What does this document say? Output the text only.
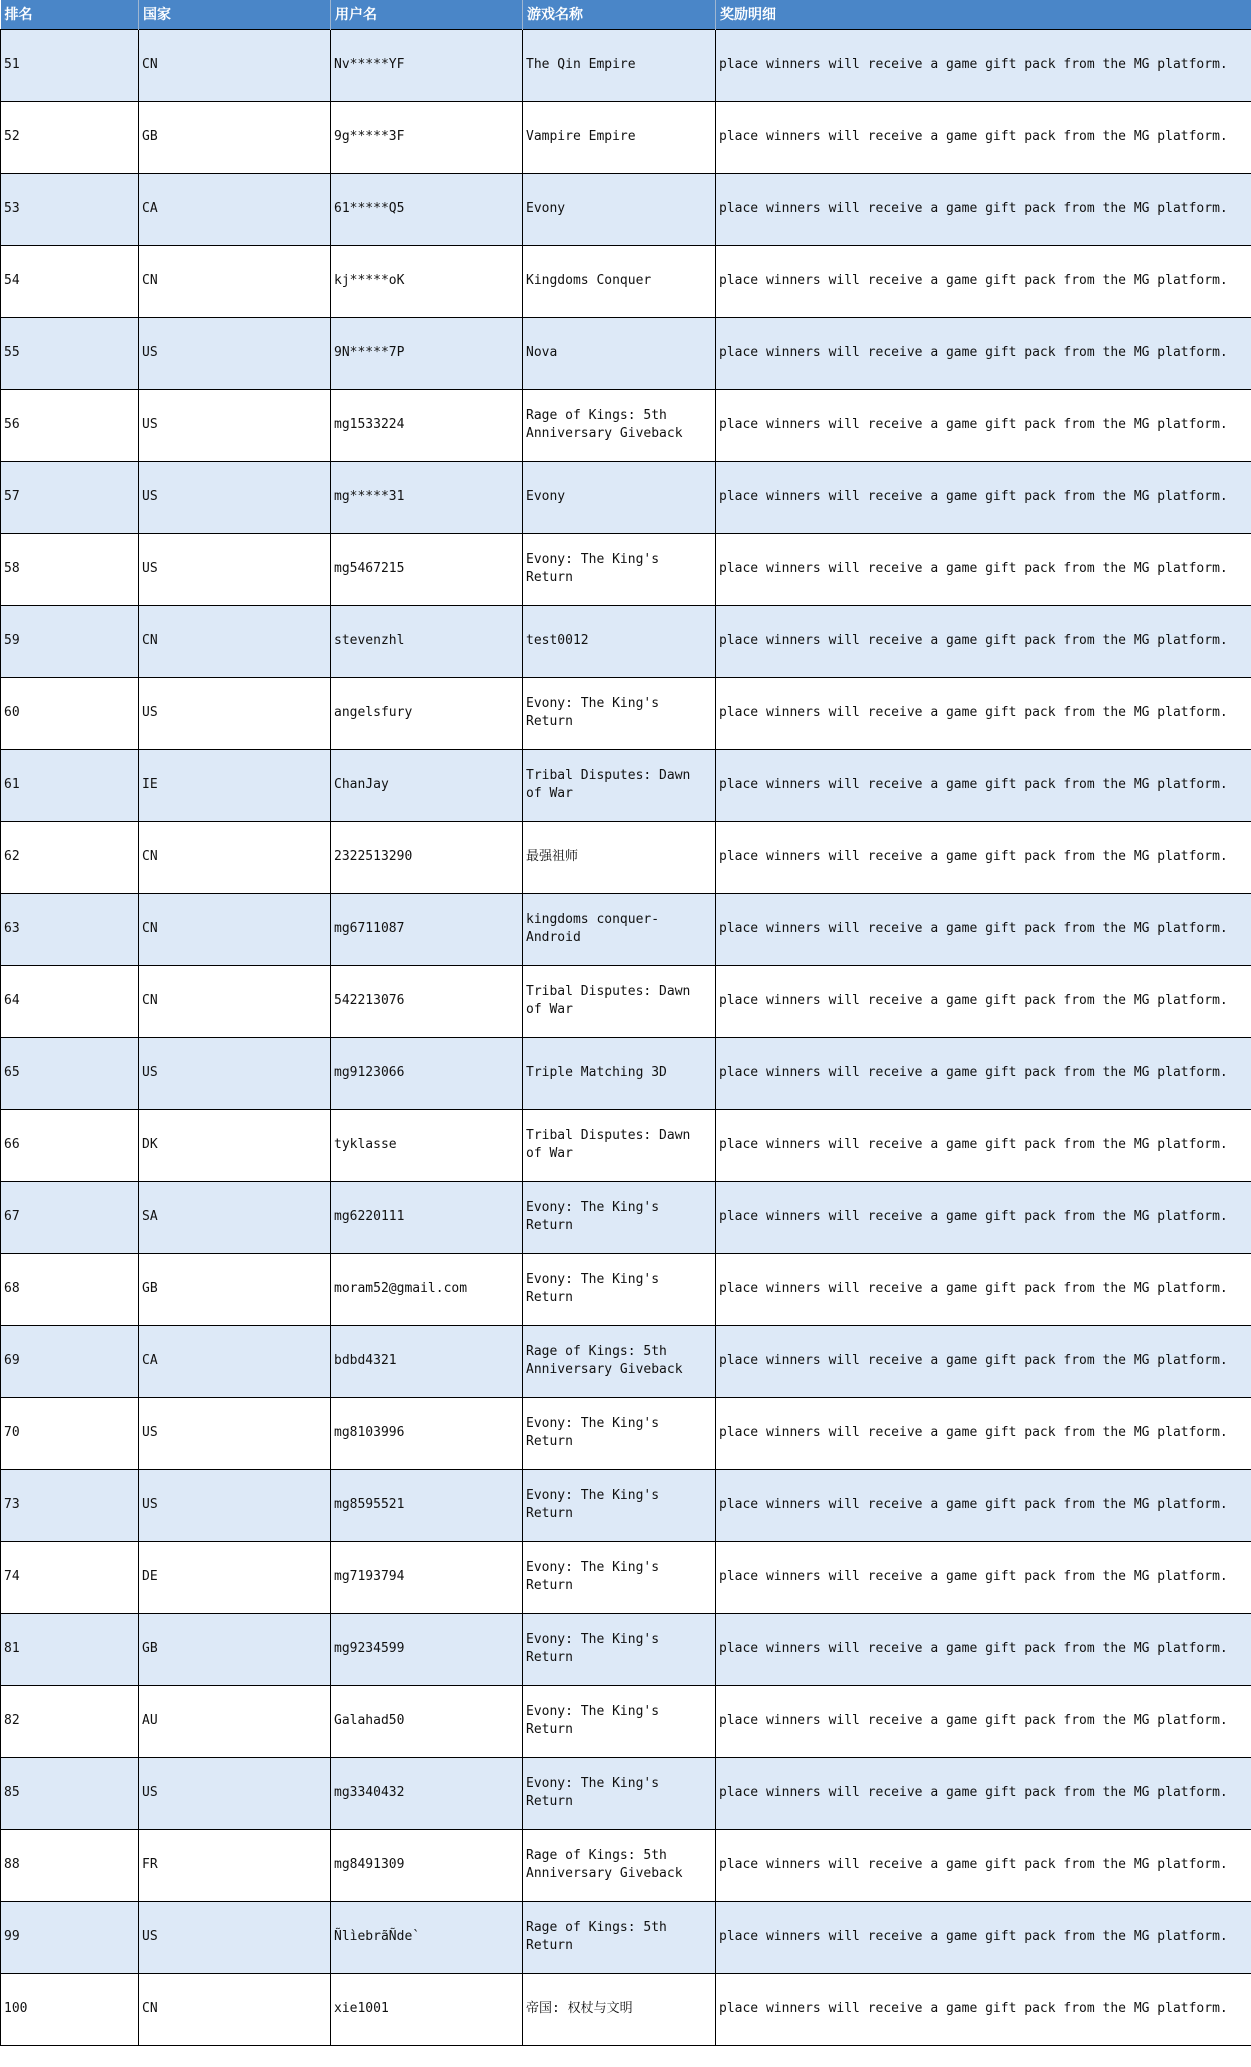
排名	国家	用户名	游戏名称	奖励明细
51	CN	Nv*****YF	The Qin Empire	place winners will receive a game gift pack from the MG platform.
52	GB	9g*****3F	Vampire Empire	place winners will receive a game gift pack from the MG platform.
53	CA	61*****Q5	Evony	place winners will receive a game gift pack from the MG platform.
54	CN	kj*****oK	Kingdoms Conquer	place winners will receive a game gift pack from the MG platform.
55	US	9N*****7P	Nova	place winners will receive a game gift pack from the MG platform.
56	US	mg1533224	Rage of Kings: 5th Anniversary Giveback	place winners will receive a game gift pack from the MG platform.
57	US	mg*****31	Evony	place winners will receive a game gift pack from the MG platform.
58	US	mg5467215	Evony: The King's Return	place winners will receive a game gift pack from the MG platform.
59	CN	stevenzhl	test0012	place winners will receive a game gift pack from the MG platform.
60	US	angelsfury	Evony: The King's Return	place winners will receive a game gift pack from the MG platform.
61	IE	ChanJay	Tribal Disputes: Dawn of War	place winners will receive a game gift pack from the MG platform.
62	CN	2322513290	最强祖师	place winners will receive a game gift pack from the MG platform.
63	CN	mg6711087	kingdoms conquer-Android	place winners will receive a game gift pack from the MG platform.
64	CN	542213076	Tribal Disputes: Dawn of War	place winners will receive a game gift pack from the MG platform.
65	US	mg9123066	Triple Matching 3D	place winners will receive a game gift pack from the MG platform.
66	DK	tyklasse	Tribal Disputes: Dawn of War	place winners will receive a game gift pack from the MG platform.
67	SA	mg6220111	Evony: The King's Return	place winners will receive a game gift pack from the MG platform.
68	GB	moram52@gmail.com	Evony: The King's Return	place winners will receive a game gift pack from the MG platform.
69	CA	bdbd4321	Rage of Kings: 5th Anniversary Giveback	place winners will receive a game gift pack from the MG platform.
70	US	mg8103996	Evony: The King's Return	place winners will receive a game gift pack from the MG platform.
73	US	mg8595521	Evony: The King's Return	place winners will receive a game gift pack from the MG platform.
74	DE	mg7193794	Evony: The King's Return	place winners will receive a game gift pack from the MG platform.
81	GB	mg9234599	Evony: The King's Return	place winners will receive a game gift pack from the MG platform.
82	AU	Galahad50	Evony: The King's Return	place winners will receive a game gift pack from the MG platform.
85	US	mg3340432	Evony: The King's Return	place winners will receive a game gift pack from the MG platform.
88	FR	mg8491309	Rage of Kings: 5th Anniversary Giveback	place winners will receive a game gift pack from the MG platform.
99	US	ÑlìebrãÑde`	Rage of Kings: 5th Return	place winners will receive a game gift pack from the MG platform.
100	CN	xie1001	帝国: 权杖与文明	place winners will receive a game gift pack from the MG platform.
